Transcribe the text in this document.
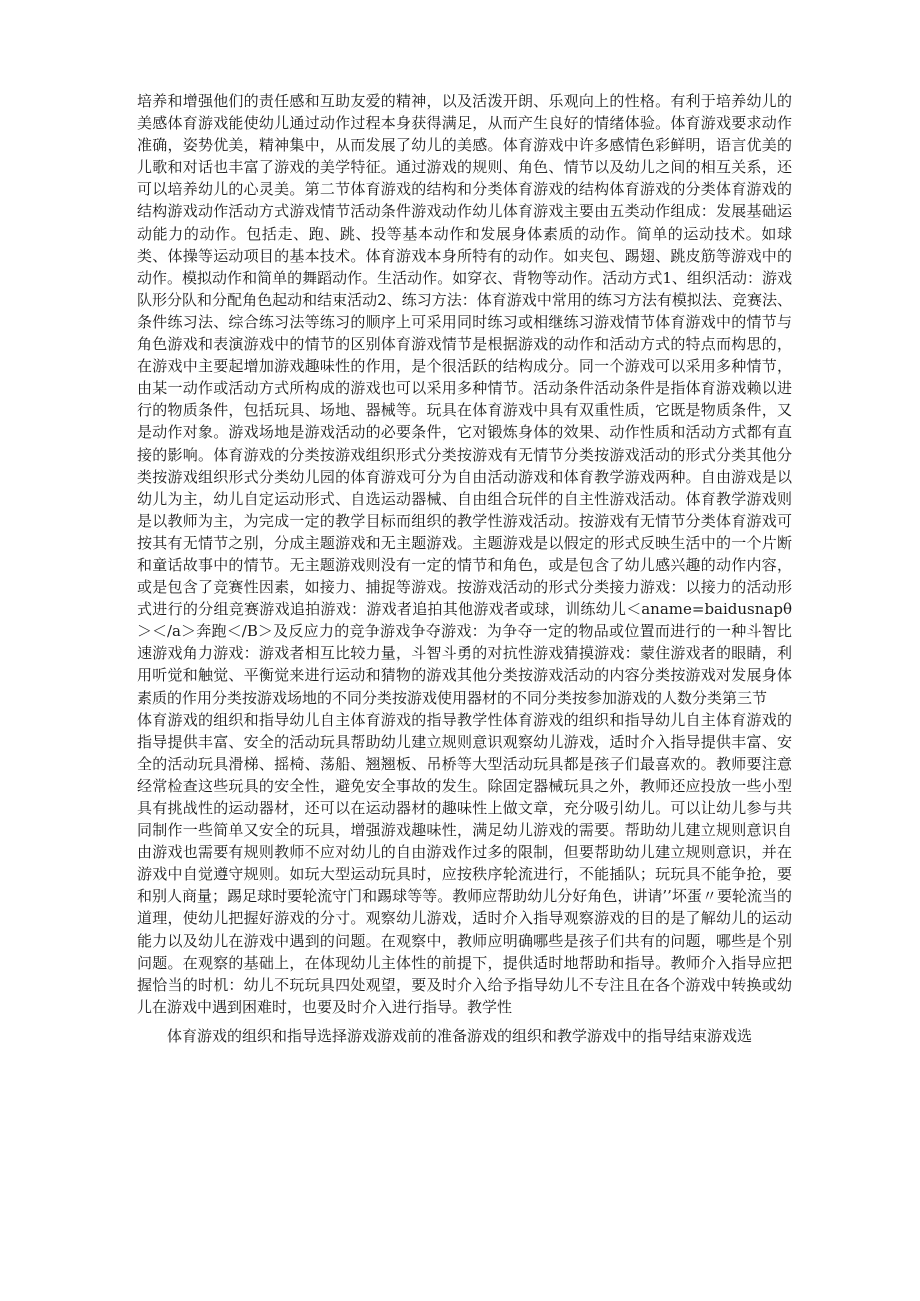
培养和增强他们的责任感和互助友爱的精神，以及活泼开朗、乐观向上的性格。有利于培养幼儿的美感体育游戏能使幼儿通过动作过程本身获得满足，从而产生良好的情绪体验。体育游戏要求动作准确，姿势优美，精神集中，从而发展了幼儿的美感。体育游戏中许多感情色彩鲜明，语言优美的儿歌和对话也丰富了游戏的美学特征。通过游戏的规则、角色、情节以及幼儿之间的相互关系，还可以培养幼儿的心灵美。第二节体育游戏的结构和分类体育游戏的结构体育游戏的分类体育游戏的结构游戏动作活动方式游戏情节活动条件游戏动作幼儿体育游戏主要由五类动作组成：发展基础运动能力的动作。包括走、跑、跳、投等基本动作和发展身体素质的动作。简单的运动技术。如球类、体操等运动项目的基本技术。体育游戏本身所特有的动作。如夹包、踢翅、跳皮筋等游戏中的动作。模拟动作和简单的舞蹈动作。生活动作。如穿衣、背物等动作。活动方式1、组织活动：游戏队形分队和分配角色起动和结束活动2、练习方法：体育游戏中常用的练习方法有模拟法、竞赛法、条件练习法、综合练习法等练习的顺序上可采用同时练习或相继练习游戏情节体育游戏中的情节与角色游戏和表演游戏中的情节的区别体育游戏情节是根据游戏的动作和活动方式的特点而构思的，在游戏中主要起增加游戏趣味性的作用，是个很活跃的结构成分。同一个游戏可以采用多种情节，由某一动作或活动方式所构成的游戏也可以采用多种情节。活动条件活动条件是指体育游戏赖以进行的物质条件，包括玩具、场地、器械等。玩具在体育游戏中具有双重性质，它既是物质条件，又是动作对象。游戏场地是游戏活动的必要条件，它对锻炼身体的效果、动作性质和活动方式都有直接的影响。体育游戏的分类按游戏组织形式分类按游戏有无情节分类按游戏活动的形式分类其他分类按游戏组织形式分类幼儿园的体育游戏可分为自由活动游戏和体育教学游戏两种。自由游戏是以幼儿为主，幼儿自定运动形式、自选运动器械、自由组合玩伴的自主性游戏活动。体育教学游戏则是以教师为主，为完成一定的教学目标而组织的教学性游戏活动。按游戏有无情节分类体育游戏可按其有无情节之别，分成主题游戏和无主题游戏。主题游戏是以假定的形式反映生活中的一个片断和童话故事中的情节。无主题游戏则没有一定的情节和角色，或是包含了幼儿感兴趣的动作内容，或是包含了竞赛性因素，如接力、捕捉等游戏。按游戏活动的形式分类接力游戏：以接力的活动形式进行的分组竞赛游戏追拍游戏：游戏者追拍其他游戏者或球，训练幼儿＜aname=baidusnapθ＞＜/a＞奔跑＜/B＞及反应力的竞争游戏争夺游戏：为争夺一定的物品或位置而进行的一种斗智比速游戏角力游戏：游戏者相互比较力量，斗智斗勇的对抗性游戏猜摸游戏：蒙住游戏者的眼睛，利用听觉和触觉、平衡觉来进行运动和猜物的游戏其他分类按游戏活动的内容分类按游戏对发展身体素质的作用分类按游戏场地的不同分类按游戏使用器材的不同分类按参加游戏的人数分类第三节

体育游戏的组织和指导幼儿自主体育游戏的指导教学性体育游戏的组织和指导幼儿自主体育游戏的指导提供丰富、安全的活动玩具帮助幼儿建立规则意识观察幼儿游戏，适时介入指导提供丰富、安全的活动玩具滑梯、摇椅、荡船、翘翘板、吊桥等大型活动玩具都是孩子们最喜欢的。教师要注意经常检查这些玩具的安全性，避免安全事故的发生。除固定器械玩具之外，教师还应投放一些小型具有挑战性的运动器材，还可以在运动器材的趣味性上做文章，充分吸引幼儿。可以让幼儿参与共同制作一些简单又安全的玩具，增强游戏趣味性，满足幼儿游戏的需要。帮助幼儿建立规则意识自由游戏也需要有规则教师不应对幼儿的自由游戏作过多的限制，但要帮助幼儿建立规则意识，并在游戏中自觉遵守规则。如玩大型运动玩具时，应按秩序轮流进行，不能插队；玩玩具不能争抢，要和别人商量；踢足球时要轮流守门和踢球等等。教师应帮助幼儿分好角色，讲请’’坏蛋〃要轮流当的道理，使幼儿把握好游戏的分寸。观察幼儿游戏，适时介入指导观察游戏的目的是了解幼儿的运动能力以及幼儿在游戏中遇到的问题。在观察中，教师应明确哪些是孩子们共有的问题，哪些是个别问题。在观察的基础上，在体现幼儿主体性的前提下，提供适时地帮助和指导。教师介入指导应把握恰当的时机：幼儿不玩玩具四处观望，要及时介入给予指导幼儿不专注且在各个游戏中转换或幼儿在游戏中遇到困难时，也要及时介入进行指导。教学性

体育游戏的组织和指导选择游戏游戏前的准备游戏的组织和教学游戏中的指导结束游戏选
